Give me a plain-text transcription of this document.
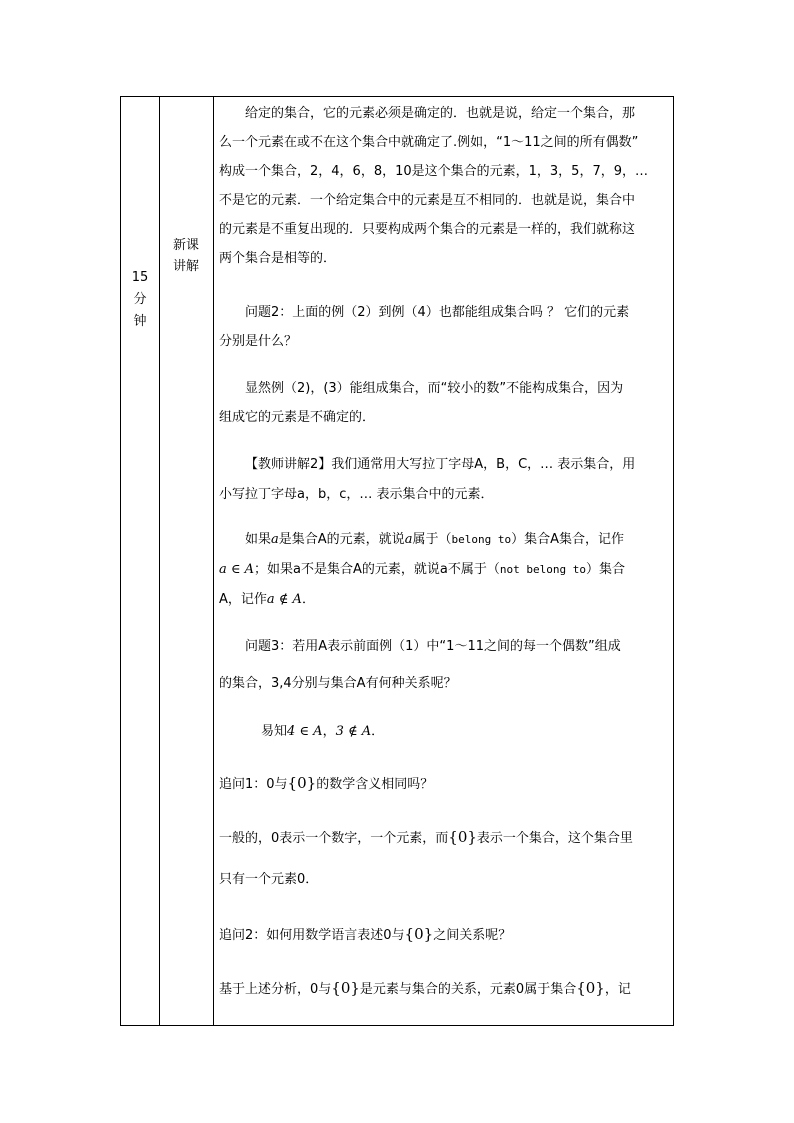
15
分
钟
新课
讲解
给定的集合，它的元素必须是确定的．也就是说，给定一个集合，那
么一个元素在或不在这个集合中就确定了.例如，“1～11之间的所有偶数”
构成一个集合，2，4，6，8，10是这个集合的元素，1，3，5，7，9，…
不是它的元素．一个给定集合中的元素是互不相同的．也就是说，集合中
的元素是不重复出现的．只要构成两个集合的元素是一样的，我们就称这
两个集合是相等的．
问题2：上面的例（2）到例（4）也都能组成集合吗 ？ 它们的元素
分别是什么？
显然例（2)，(3）能组成集合，而“较小的数”不能构成集合，因为
组成它的元素是不确定的．
【教师讲解2】我们通常用大写拉丁字母A，B，C，… 表示集合，用
小写拉丁字母a，b，c，… 表示集合中的元素．
如果a是集合A的元素，就说a属于（belong to）集合A集合，记作
a ∈ A；如果a不是集合A的元素，就说a不属于（not belong to）集合
A，记作a ∉ A．
问题3：若用A表示前面例（1）中“1～11之间的每一个偶数”组成
的集合，3,4分别与集合A有何种关系呢？
易知4 ∈ A，3 ∉ A．
追问1：0与{0}的数学含义相同吗？
一般的，0表示一个数字，一个元素，而{0}表示一个集合，这个集合里
只有一个元素0．
追问2：如何用数学语言表述0与{0}之间关系呢？
基于上述分析，0与{0}是元素与集合的关系，元素0属于集合{0}，记
